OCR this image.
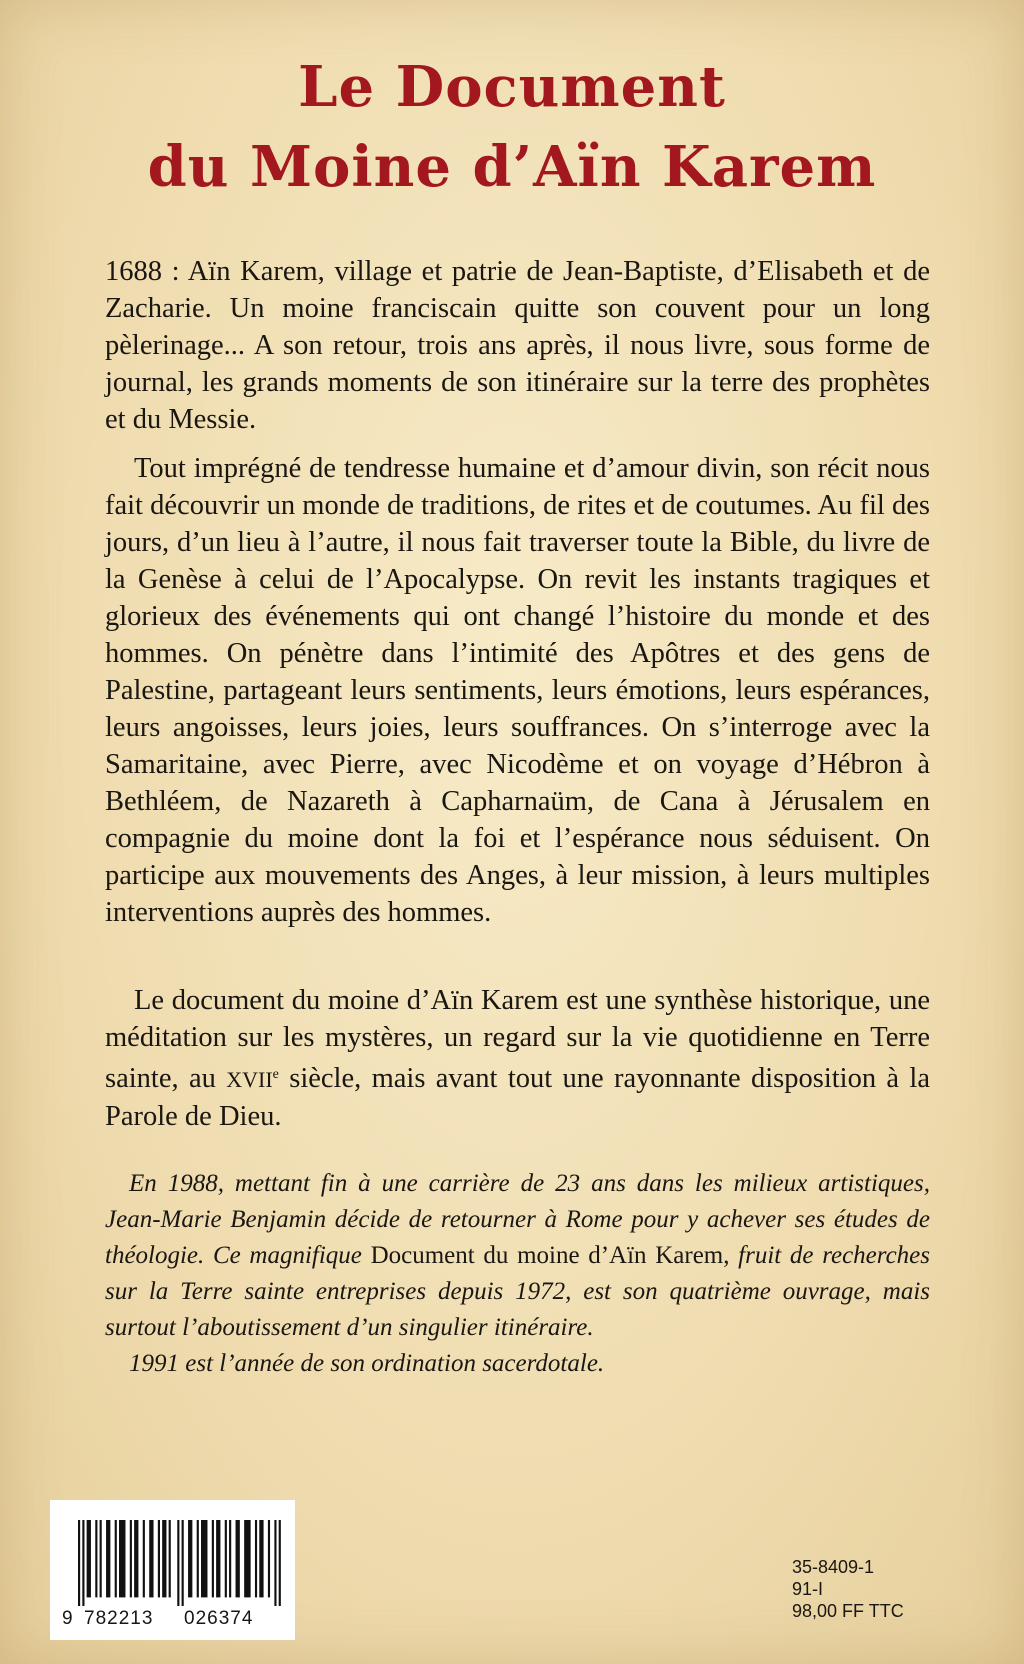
Le Document
du Moine d’Aïn Karem
1688 : Aïn Karem, village et patrie de Jean-Baptiste, d’Elisabeth et de Zacharie. Un moine franciscain quitte son couvent pour un long pèlerinage... A son retour, trois ans après, il nous livre, sous forme de journal, les grands moments de son itinéraire sur la terre des prophètes et du Messie.
Tout imprégné de tendresse humaine et d’amour divin, son récit nous fait découvrir un monde de traditions, de rites et de coutumes. Au fil des jours, d’un lieu à l’autre, il nous fait traverser toute la Bible, du livre de la Genèse à celui de l’Apocalypse. On revit les instants tragiques et glorieux des événements qui ont changé l’histoire du monde et des hommes. On pénètre dans l’intimité des Apôtres et des gens de Palestine, partageant leurs sentiments, leurs émotions, leurs espérances, leurs angoisses, leurs joies, leurs souffrances. On s’interroge avec la Samaritaine, avec Pierre, avec Nicodème et on voyage d’Hébron à Bethléem, de Nazareth à Capharnaüm, de Cana à Jérusalem en compagnie du moine dont la foi et l’espérance nous séduisent. On participe aux mouvements des Anges, à leur mission, à leurs multiples interventions auprès des hommes.
Le document du moine d’Aïn Karem est une synthèse historique, une méditation sur les mystères, un regard sur la vie quotidienne en Terre sainte, au XVIIe siècle, mais avant tout une rayonnante disposition à la Parole de Dieu.
En 1988, mettant fin à une carrière de 23 ans dans les milieux artistiques, Jean-Marie Benjamin décide de retourner à Rome pour y achever ses études de théologie. Ce magnifique Document du moine d’Aïn Karem, fruit de recherches sur la Terre sainte entreprises depuis 1972, est son quatrième ouvrage, mais surtout l’aboutissement d’un singulier itinéraire.
1991 est l’année de son ordination sacerdotale.
9 782213 026374
35-8409-1
91-I
98,00 FF TTC
